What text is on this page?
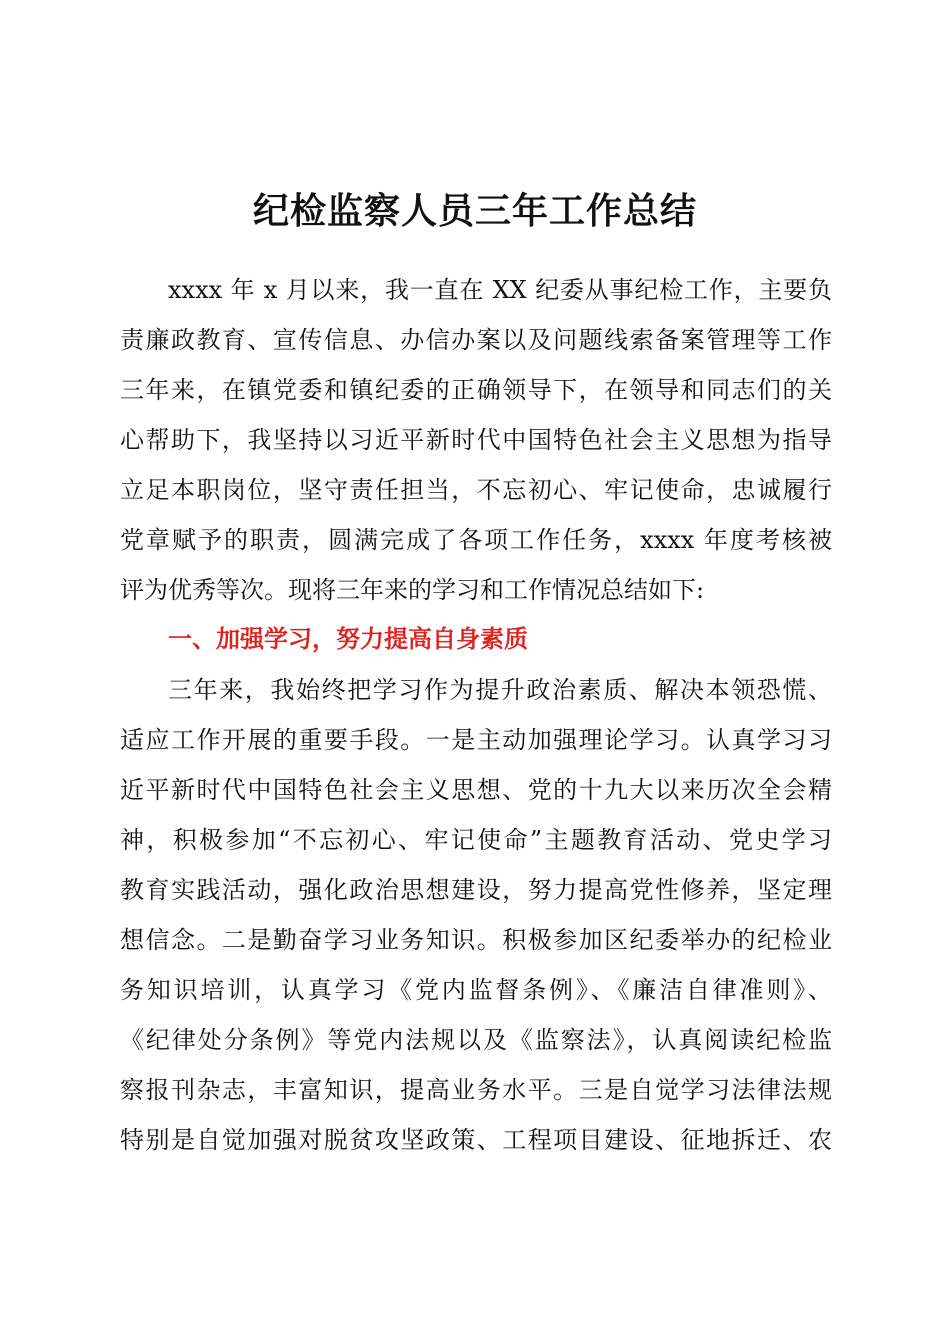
纪检监察人员三年工作总结

xxxx 年 x 月以来，我一直在 XX 纪委从事纪检工作，主要负

责廉政教育、宣传信息、办信办案以及问题线索备案管理等工作

三年来，在镇党委和镇纪委的正确领导下，在领导和同志们的关

心帮助下，我坚持以习近平新时代中国特色社会主义思想为指导

立足本职岗位，坚守责任担当，不忘初心、牢记使命，忠诚履行

党章赋予的职责，圆满完成了各项工作任务，xxxx 年度考核被

评为优秀等次。现将三年来的学习和工作情况总结如下:

一、加强学习，努力提高自身素质

三年来，我始终把学习作为提升政治素质、解决本领恐慌、

适应工作开展的重要手段。一是主动加强理论学习。认真学习习

近平新时代中国特色社会主义思想、党的十九大以来历次全会精

神，积极参加“不忘初心、牢记使命”主题教育活动、党史学习

教育实践活动，强化政治思想建设，努力提高党性修养，坚定理

想信念。二是勤奋学习业务知识。积极参加区纪委举办的纪检业

务知识培训，认真学习《党内监督条例》、《廉洁自律准则》、

《纪律处分条例》等党内法规以及《监察法》，认真阅读纪检监

察报刊杂志，丰富知识，提高业务水平。三是自觉学习法律法规

特别是自觉加强对脱贫攻坚政策、工程项目建设、征地拆迁、农
